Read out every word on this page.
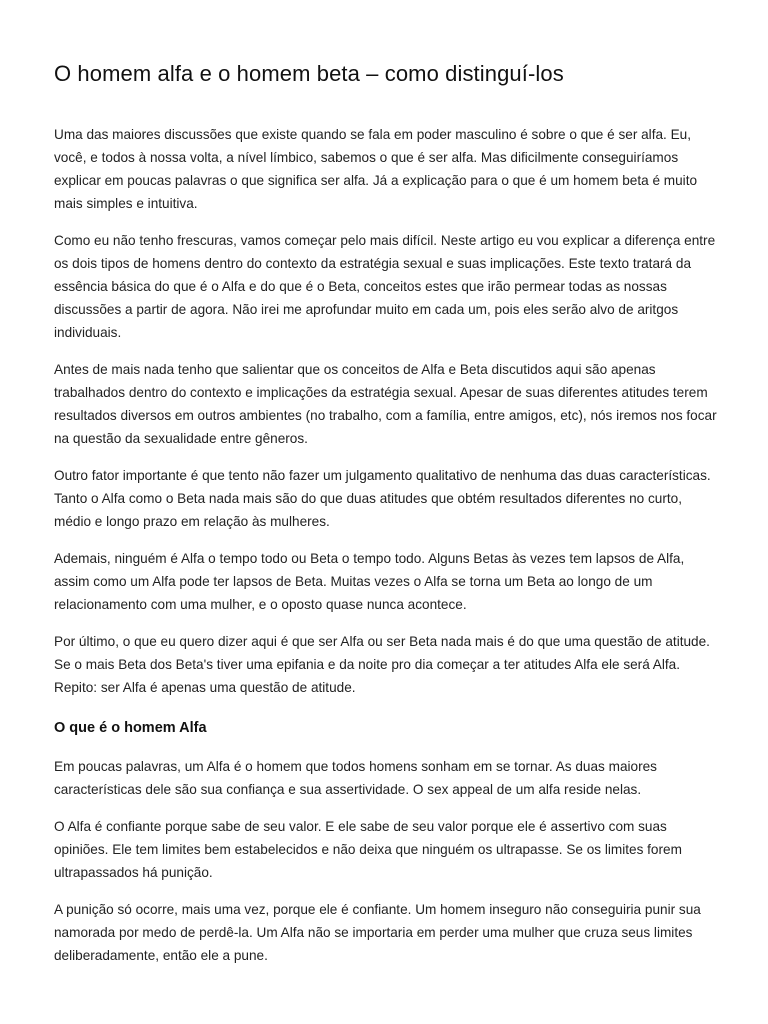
O homem alfa e o homem beta – como distinguí-los

Uma das maiores discussões que existe quando se fala em poder masculino é sobre o que é ser alfa. Eu, você, e todos à nossa volta, a nível límbico, sabemos o que é ser alfa. Mas dificilmente conseguiríamos explicar em poucas palavras o que significa ser alfa. Já a explicação para o que é um homem beta é muito mais simples e intuitiva.

Como eu não tenho frescuras, vamos começar pelo mais difícil. Neste artigo eu vou explicar a diferença entre os dois tipos de homens dentro do contexto da estratégia sexual e suas implicações. Este texto tratará da essência básica do que é o Alfa e do que é o Beta, conceitos estes que irão permear todas as nossas discussões a partir de agora. Não irei me aprofundar muito em cada um, pois eles serão alvo de aritgos individuais.

Antes de mais nada tenho que salientar que os conceitos de Alfa e Beta discutidos aqui são apenas trabalhados dentro do contexto e implicações da estratégia sexual. Apesar de suas diferentes atitudes terem resultados diversos em outros ambientes (no trabalho, com a família, entre amigos, etc), nós iremos nos focar na questão da sexualidade entre gêneros.

Outro fator importante é que tento não fazer um julgamento qualitativo de nenhuma das duas características. Tanto o Alfa como o Beta nada mais são do que duas atitudes que obtém resultados diferentes no curto, médio e longo prazo em relação às mulheres.

Ademais, ninguém é Alfa o tempo todo ou Beta o tempo todo. Alguns Betas às vezes tem lapsos de Alfa, assim como um Alfa pode ter lapsos de Beta. Muitas vezes o Alfa se torna um Beta ao longo de um relacionamento com uma mulher, e o oposto quase nunca acontece.

Por último, o que eu quero dizer aqui é que ser Alfa ou ser Beta nada mais é do que uma questão de atitude. Se o mais Beta dos Beta's tiver uma epifania e da noite pro dia começar a ter atitudes Alfa ele será Alfa. Repito: ser Alfa é apenas uma questão de atitude.

O que é o homem Alfa

Em poucas palavras, um Alfa é o homem que todos homens sonham em se tornar. As duas maiores características dele são sua confiança e sua assertividade. O sex appeal de um alfa reside nelas.

O Alfa é confiante porque sabe de seu valor. E ele sabe de seu valor porque ele é assertivo com suas opiniões. Ele tem limites bem estabelecidos e não deixa que ninguém os ultrapasse. Se os limites forem ultrapassados há punição.

A punição só ocorre, mais uma vez, porque ele é confiante. Um homem inseguro não conseguiria punir sua namorada por medo de perdê-la. Um Alfa não se importaria em perder uma mulher que cruza seus limites deliberadamente, então ele a pune.
